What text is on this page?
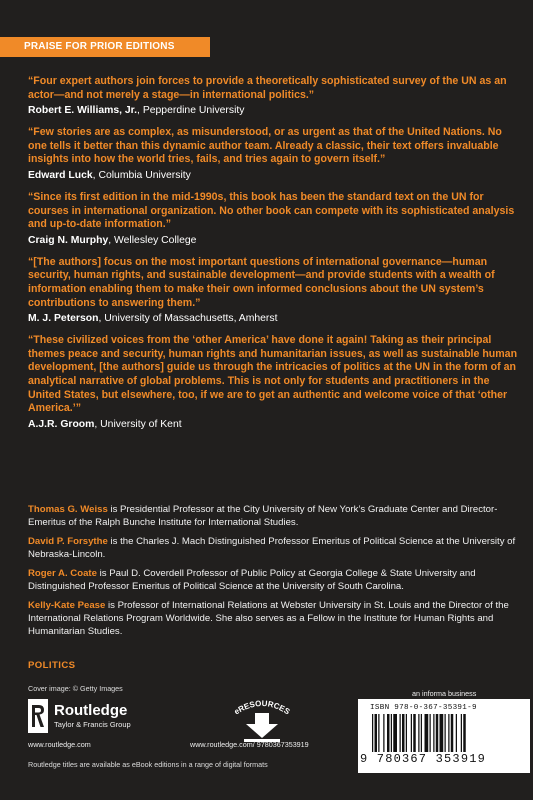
PRAISE FOR PRIOR EDITIONS
“Four expert authors join forces to provide a theoretically sophisticated survey of the UN as an actor—and not merely a stage—in international politics.”
Robert E. Williams, Jr., Pepperdine University
“Few stories are as complex, as misunderstood, or as urgent as that of the United Nations. No one tells it better than this dynamic author team. Already a classic, their text offers invaluable insights into how the world tries, fails, and tries again to govern itself.”
Edward Luck, Columbia University
“Since its first edition in the mid-1990s, this book has been the standard text on the UN for courses in international organization. No other book can compete with its sophisticated analysis and up-to-date information.”
Craig N. Murphy, Wellesley College
“[The authors] focus on the most important questions of international governance—human security, human rights, and sustainable development—and provide students with a wealth of information enabling them to make their own informed conclusions about the UN system’s contributions to answering them.”
M. J. Peterson, University of Massachusetts, Amherst
“These civilized voices from the ‘other America’ have done it again! Taking as their principal themes peace and security, human rights and humanitarian issues, as well as sustainable human development, [the authors] guide us through the intricacies of politics at the UN in the form of an analytical narrative of global problems. This is not only for students and practitioners in the United States, but elsewhere, too, if we are to get an authentic and welcome voice of that ‘other America.’”
A.J.R. Groom, University of Kent
Thomas G. Weiss is Presidential Professor at the City University of New York’s Graduate Center and Director-Emeritus of the Ralph Bunche Institute for International Studies.
David P. Forsythe is the Charles J. Mach Distinguished Professor Emeritus of Political Science at the University of Nebraska-Lincoln.
Roger A. Coate is Paul D. Coverdell Professor of Public Policy at Georgia College & State University and Distinguished Professor Emeritus of Political Science at the University of South Carolina.
Kelly-Kate Pease is Professor of International Relations at Webster University in St. Louis and the Director of the International Relations Program Worldwide. She also serves as a Fellow in the Institute for Human Rights and Humanitarian Studies.
POLITICS
Cover image: © Getty Images
Routledge
Taylor & Francis Group
www.routledge.com
eRESOURCES
www.routledge.com/ 9780367353919
an informa business
ISBN 978-0-367-35391-9
9 780367 353919
Routledge titles are available as eBook editions in a range of digital formats
